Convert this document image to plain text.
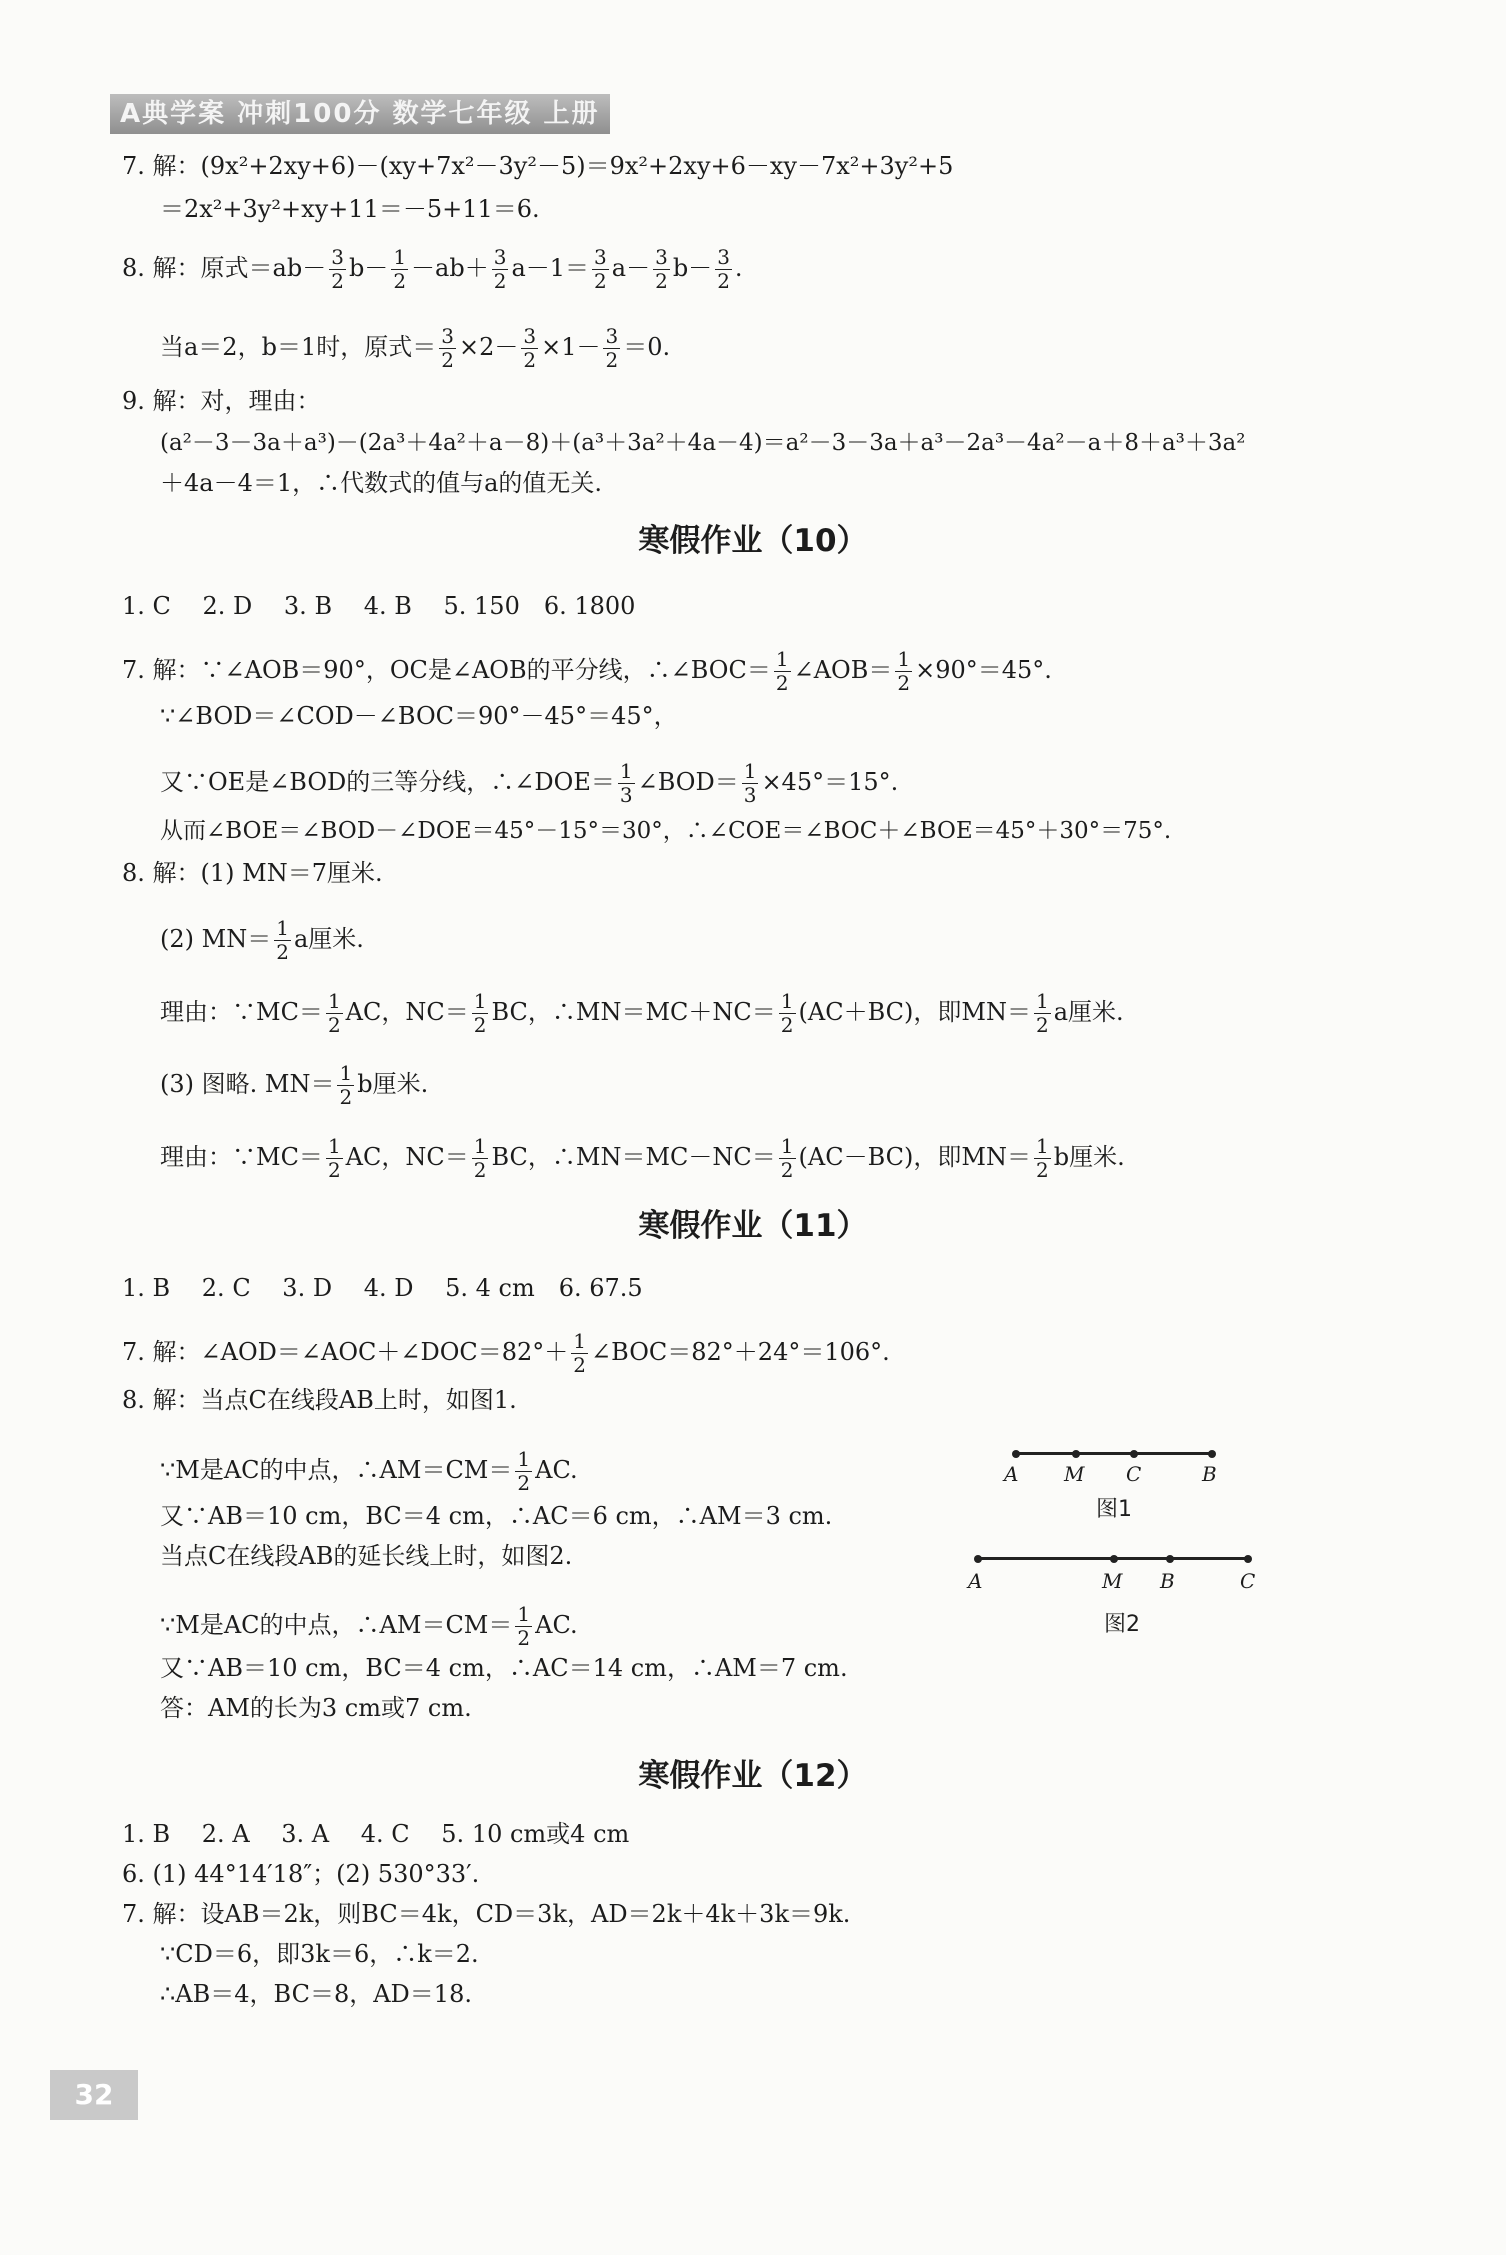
A典学案 冲刺100分 数学七年级 上册
7. 解：(9x²+2xy+6)－(xy+7x²－3y²－5)＝9x²+2xy+6－xy－7x²+3y²+5
＝2x²+3y²+xy+11＝－5+11＝6.
8. 解：原式$=ab- \frac{3}{2} b- \frac{1}{2} -ab+ \frac{3}{2} a-1= \frac{3}{2} a- \frac{3}{2} b- \frac{3}{2}$ .
当a＝2，b＝1时，原式＝ $\frac{3}{2} \times 2- \frac{3}{2} \times 1- \frac{3}{2} =0$.
9. 解：对，理由：
(a²－3－3a＋a³)－(2a³＋4a²＋a－8)＋(a³＋3a²＋4a－4)＝a²－3－3a＋a³－2a³－4a²－a＋8＋a³＋3a²
＋4a－4＝1，∴代数式的值与a的值无关.
寒假作业（10）
1. C　 2. D　 3. B　 4. B　 5. 150　6. 1800
7. 解：∵∠AOB＝90°，OC是∠AOB的平分线，∴∠BOC＝ $\frac{1}{2}$ ∠AOB＝ $\frac{1}{2} \times 90^\circ=45^\circ$.
∵∠BOD＝∠COD－∠BOC＝90°－45°＝45°，
又∵OE是∠BOD的三等分线，∴∠DOE＝ $\frac{1}{3}$ ∠BOD＝ $\frac{1}{3} \times 45^\circ=15^\circ$.
从而∠BOE＝∠BOD－∠DOE＝45°－15°＝30°，∴∠COE＝∠BOC＋∠BOE＝45°＋30°＝75°.
8. 解：(1) MN＝7厘米.
(2) $MN= \frac{1}{2}$ a厘米.
理由：∵MC＝ $\frac{1}{2}$ AC，$NC= \frac{1}{2}$ BC，∴MN＝MC＋NC＝ $\frac{1}{2} (AC+BC)$，即$MN= \frac{1}{2}$ a厘米.
(3) 图略. $MN= \frac{1}{2}$ b厘米.
理由：∵MC＝ $\frac{1}{2}$ AC，$NC= \frac{1}{2}$ BC，∴MN＝MC－NC＝ $\frac{1}{2} (AC-BC)$，即$MN= \frac{1}{2}$ b厘米.
寒假作业（11）
1. B　 2. C　 3. D　 4. D　 5. 4 cm　6. 67.5
7. 解：∠AOD＝∠AOC＋∠DOC＝82°＋ $\frac{1}{2}$ ∠BOC＝82°＋24°＝106°.
8. 解：当点C在线段AB上时，如图1.
∵M是AC的中点，∴AM＝CM＝ $\frac{1}{2}$ AC.
又∵AB＝10 cm，BC＝4 cm，∴AC＝6 cm，∴AM＝3 cm.
当点C在线段AB的延长线上时，如图2.
∵M是AC的中点，∴AM＝CM＝ $\frac{1}{2}$ AC.
又∵AB＝10 cm，BC＝4 cm，∴AC＝14 cm，∴AM＝7 cm.
答：AM的长为3 cm或7 cm.
A M C	B
图1
A	M B	C
图2
寒假作业（12）
1. B　 2. A　 3. A　 4. C　 5. 10 cm或4 cm
6. (1) 44°14′18″；(2) 530°33′.
7. 解：设AB＝2k，则BC＝4k，CD＝3k，AD＝2k＋4k＋3k＝9k.
∵CD＝6，即3k＝6，∴k＝2.
∴AB＝4，BC＝8，AD＝18.
32
